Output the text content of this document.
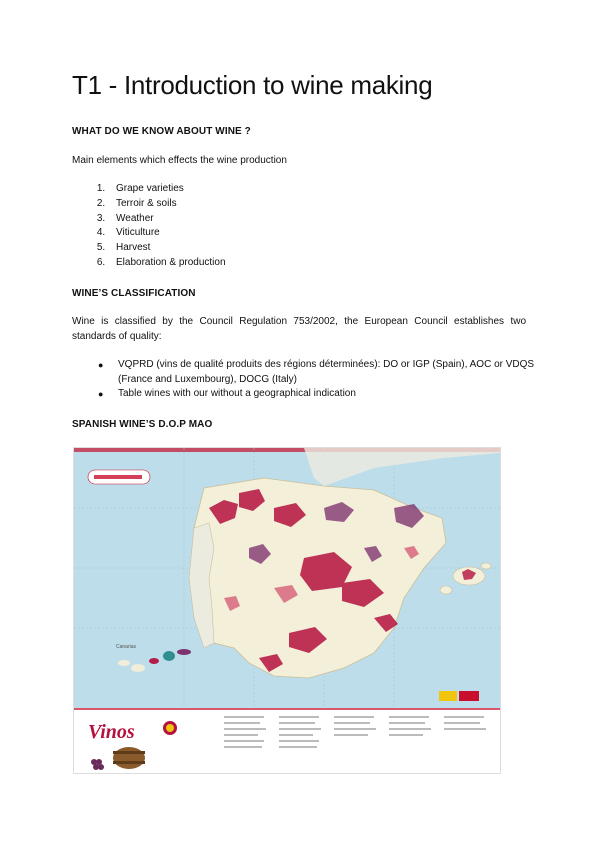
T1 - Introduction to wine making
WHAT DO WE KNOW ABOUT WINE ?
Main elements which effects the wine production
1. Grape varieties
2. Terroir & soils
3. Weather
4. Viticulture
5. Harvest
6. Elaboration & production
WINE’S CLASSIFICATION
Wine is classified by the Council Regulation 753/2002, the European Council establishes two standards of quality:
● VQPRD (vins de qualité produits des régions déterminées): DO or IGP (Spain), AOC or VDQS (France and Luxembourg), DOCG (Italy)
● Table wines with our without a geographical indication
SPANISH WINE’S D.O.P MAO
Vinos
Canarias
